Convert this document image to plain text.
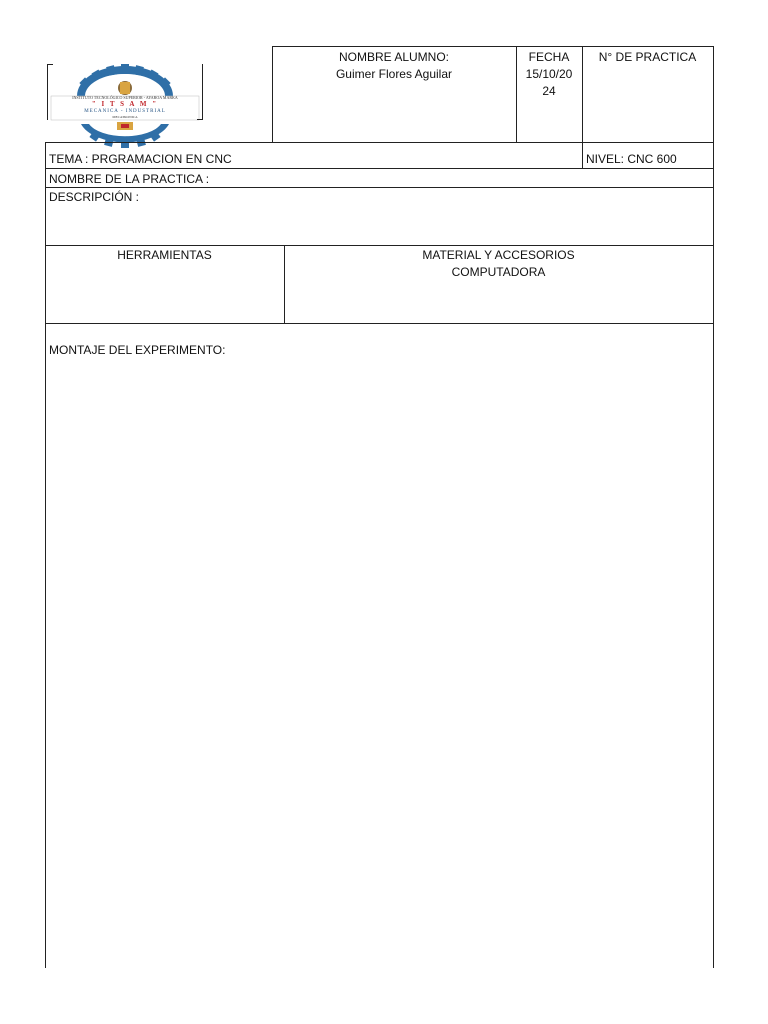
INSTITUTO TECNOLÓGICO SUPERIOR - AYAROA MARKA
" I T S A M "
MECANICA - INDUSTRIAL
MECATRONICA
NOMBRE ALUMNO:
Guimer Flores Aguilar
FECHA
15/10/20
24
N° DE PRACTICA
TEMA : PRGRAMACION EN CNC	NIVEL: CNC 600
NOMBRE DE LA PRACTICA :
DESCRIPCIÓN :
HERRAMIENTAS	MATERIAL Y ACCESORIOS
COMPUTADORA
MONTAJE DEL EXPERIMENTO:
